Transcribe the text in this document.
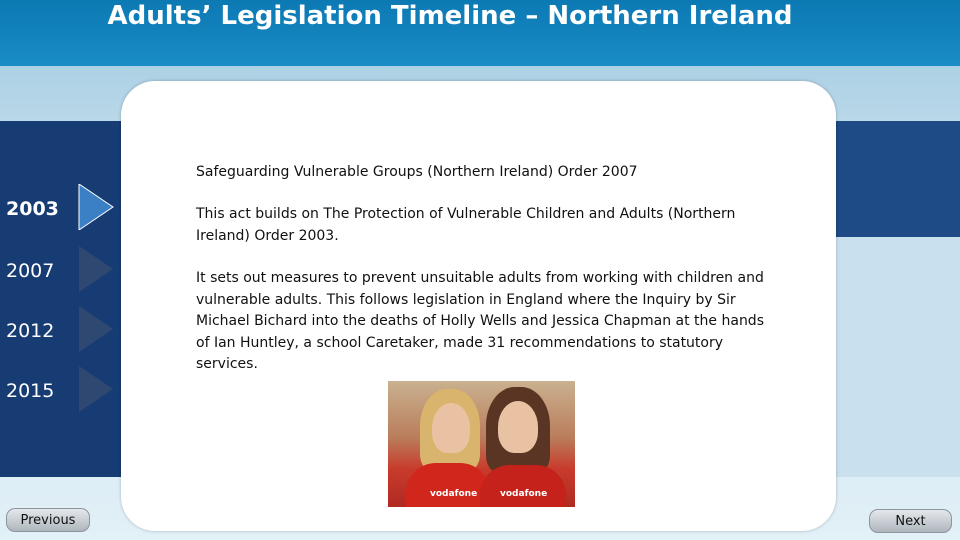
Adults’ Legislation Timeline – Northern Ireland
2003
2007
2012
2015

Safeguarding Vulnerable Groups (Northern Ireland) Order 2007

This act builds on The Protection of Vulnerable Children and Adults (Northern Ireland) Order 2003.

It sets out measures to prevent unsuitable adults from working with children and vulnerable adults. This follows legislation in England where the Inquiry by Sir Michael Bichard into the deaths of Holly Wells and Jessica Chapman at the hands of Ian Huntley, a school Caretaker, made 31 recommendations to statutory services.

vodafone	vodafone
Previous	Next
